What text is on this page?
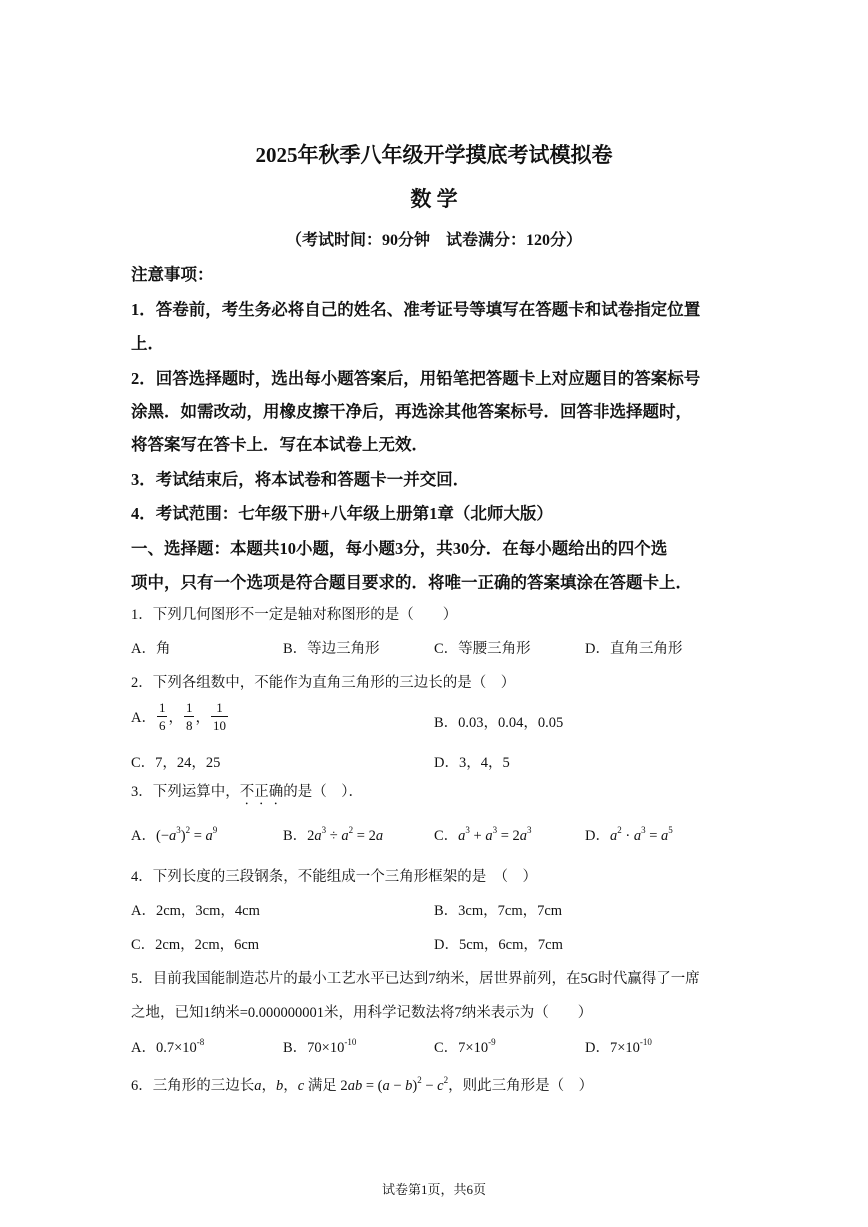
2025年秋季八年级开学摸底考试模拟卷
数 学
（考试时间：90分钟　试卷满分：120分）
注意事项：
1．答卷前，考生务必将自己的姓名、准考证号等填写在答题卡和试卷指定位置
上．
2．回答选择题时，选出每小题答案后，用铅笔把答题卡上对应题目的答案标号
涂黑．如需改动，用橡皮擦干净后，再选涂其他答案标号．回答非选择题时，
将答案写在答卡上．写在本试卷上无效．
3．考试结束后，将本试卷和答题卡一并交回．
4．考试范围：七年级下册+八年级上册第1章（北师大版）
一、选择题：本题共10小题，每小题3分，共30分．在每小题给出的四个选
项中，只有一个选项是符合题目要求的．将唯一正确的答案填涂在答题卡上．
1．下列几何图形不一定是轴对称图形的是（　　）
A．角	B．等边三角形	C．等腰三角形	D．直角三角形
2．下列各组数中，不能作为直角三角形的三边长的是（　）
A． $\frac{1}{6}$ ， $\frac{1}{8}$ ， $\frac{1}{10}$	B．0.03，0.04，0.05
C．7，24，25	D．3，4，5
3．下列运算中，不正确的是（　）．
A．$(-a^3)^2 = a^9$	B．$2a^3 \div a^2 = 2a$	C．$a^3 + a^3 = 2a^3$	D．$a^2 \cdot a^3 = a^5$
4．下列长度的三段钢条，不能组成一个三角形框架的是　（　）
A．2cm，3cm，4cm	B．3cm，7cm，7cm
C．2cm，2cm，6cm	D．5cm，6cm，7cm
5．目前我国能制造芯片的最小工艺水平已达到7纳米，居世界前列，在5G时代赢得了一席
之地，已知1纳米=0.000000001米，用科学记数法将7纳米表示为（　　）
A．$0.7\times 10^{-8}$	B．$70\times 10^{-10}$	C．$7\times 10^{-9}$	D．$7\times 10^{-10}$
6．三角形的三边长a，b，c 满足 $2ab = (a - b)^2 - c^2$，则此三角形是（　）
试卷第1页，共6页
